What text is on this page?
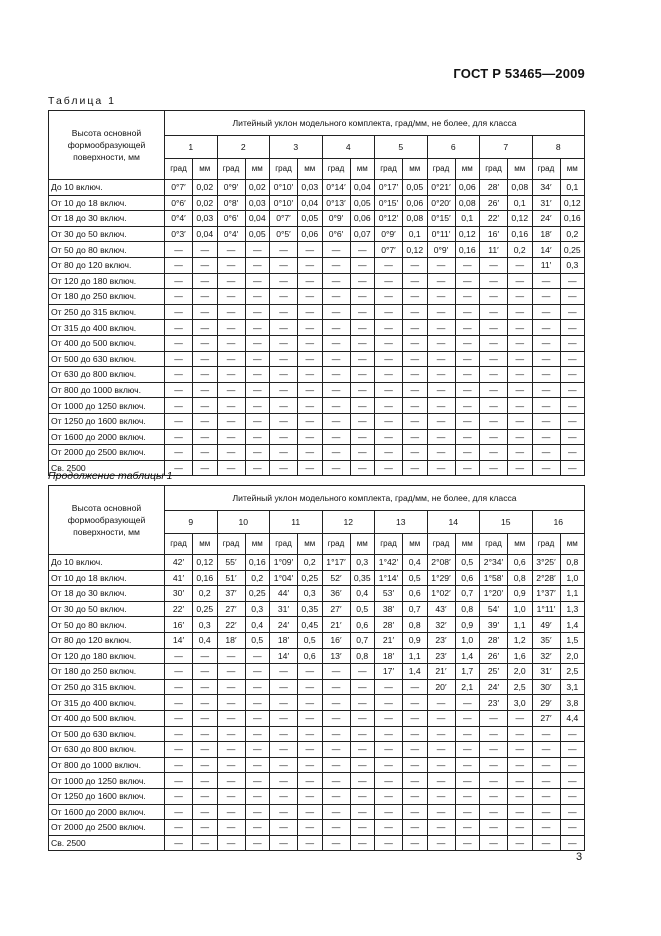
ГОСТ Р 53465—2009
Таблица 1
Высота основной формообразующей поверхности, мм	Литейный уклон модельного комплекта, град/мм, не более, для класса															
	1		2		3		4		5		6		7		8	
	град	мм	град	мм	град	мм	град	мм	град	мм	град	мм	град	мм	град	мм
До 10 включ.	0°7′	0,02	0°9′	0,02	0°10′	0,03	0°14′	0,04	0°17′	0,05	0°21′	0,06	28′	0,08	34′	0,1
От 10 до 18 включ.	0°6′	0,02	0°8′	0,03	0°10′	0,04	0°13′	0,05	0°15′	0,06	0°20′	0,08	26′	0,1	31′	0,12
От 18 до 30 включ.	0°4′	0,03	0°6′	0,04	0°7′	0,05	0°9′	0,06	0°12′	0,08	0°15′	0,1	22′	0,12	24′	0,16
От 30 до 50 включ.	0°3′	0,04	0°4′	0,05	0°5′	0,06	0°6′	0,07	0°9′	0,1	0°11′	0,12	16′	0,16	18′	0,2
От 50 до 80 включ.	—	—	—	—	—	—	—	—	0°7′	0,12	0°9′	0,16	11′	0,2	14′	0,25
От 80 до 120 включ.	—	—	—	—	—	—	—	—	—	—	—	—	—	—	11′	0,3
От 120 до 180 включ.	—	—	—	—	—	—	—	—	—	—	—	—	—	—	—	—
От 180 до 250 включ.	—	—	—	—	—	—	—	—	—	—	—	—	—	—	—	—
От 250 до 315 включ.	—	—	—	—	—	—	—	—	—	—	—	—	—	—	—	—
От 315 до 400 включ.	—	—	—	—	—	—	—	—	—	—	—	—	—	—	—	—
От 400 до 500 включ.	—	—	—	—	—	—	—	—	—	—	—	—	—	—	—	—
От 500 до 630 включ.	—	—	—	—	—	—	—	—	—	—	—	—	—	—	—	—
От 630 до 800 включ.	—	—	—	—	—	—	—	—	—	—	—	—	—	—	—	—
От 800 до 1000 включ.	—	—	—	—	—	—	—	—	—	—	—	—	—	—	—	—
От 1000 до 1250 включ.	—	—	—	—	—	—	—	—	—	—	—	—	—	—	—	—
От 1250 до 1600 включ.	—	—	—	—	—	—	—	—	—	—	—	—	—	—	—	—
От 1600 до 2000 включ.	—	—	—	—	—	—	—	—	—	—	—	—	—	—	—	—
От 2000 до 2500 включ.	—	—	—	—	—	—	—	—	—	—	—	—	—	—	—	—
Св. 2500	—	—	—	—	—	—	—	—	—	—	—	—	—	—	—	—
Продолжение таблицы 1
Высота основной формообразующей поверхности, мм	Литейный уклон модельного комплекта, град/мм, не более, для класса															
	9		10		11		12		13		14		15		16	
	град	мм	град	мм	град	мм	град	мм	град	мм	град	мм	град	мм	град	мм
До 10 включ.	42′	0,12	55′	0,16	1°09′	0,2	1°17′	0,3	1°42′	0,4	2°08′	0,5	2°34′	0,6	3°25′	0,8
От 10 до 18 включ.	41′	0,16	51′	0,2	1°04′	0,25	52′	0,35	1°14′	0,5	1°29′	0,6	1°58′	0,8	2°28′	1,0
От 18 до 30 включ.	30′	0,2	37′	0,25	44′	0,3	36′	0,4	53′	0,6	1°02′	0,7	1°20′	0,9	1°37′	1,1
От 30 до 50 включ.	22′	0,25	27′	0,3	31′	0,35	27′	0,5	38′	0,7	43′	0,8	54′	1,0	1°11′	1,3
От 50 до 80 включ.	16′	0,3	22′	0,4	24′	0,45	21′	0,6	28′	0,8	32′	0,9	39′	1,1	49′	1,4
От 80 до 120 включ.	14′	0,4	18′	0,5	18′	0,5	16′	0,7	21′	0,9	23′	1,0	28′	1,2	35′	1,5
От 120 до 180 включ.	—	—	—	—	14′	0,6	13′	0,8	18′	1,1	23′	1,4	26′	1,6	32′	2,0
От 180 до 250 включ.	—	—	—	—	—	—	—	—	17′	1,4	21′	1,7	25′	2,0	31′	2,5
От 250 до 315 включ.	—	—	—	—	—	—	—	—	—	—	20′	2,1	24′	2,5	30′	3,1
От 315 до 400 включ.	—	—	—	—	—	—	—	—	—	—	—	—	23′	3,0	29′	3,8
От 400 до 500 включ.	—	—	—	—	—	—	—	—	—	—	—	—	—	—	27′	4,4
От 500 до 630 включ.	—	—	—	—	—	—	—	—	—	—	—	—	—	—	—	—
От 630 до 800 включ.	—	—	—	—	—	—	—	—	—	—	—	—	—	—	—	—
От 800 до 1000 включ.	—	—	—	—	—	—	—	—	—	—	—	—	—	—	—	—
От 1000 до 1250 включ.	—	—	—	—	—	—	—	—	—	—	—	—	—	—	—	—
От 1250 до 1600 включ.	—	—	—	—	—	—	—	—	—	—	—	—	—	—	—	—
От 1600 до 2000 включ.	—	—	—	—	—	—	—	—	—	—	—	—	—	—	—	—
От 2000 до 2500 включ.	—	—	—	—	—	—	—	—	—	—	—	—	—	—	—	—
Св. 2500	—	—	—	—	—	—	—	—	—	—	—	—	—	—	—	—
3
